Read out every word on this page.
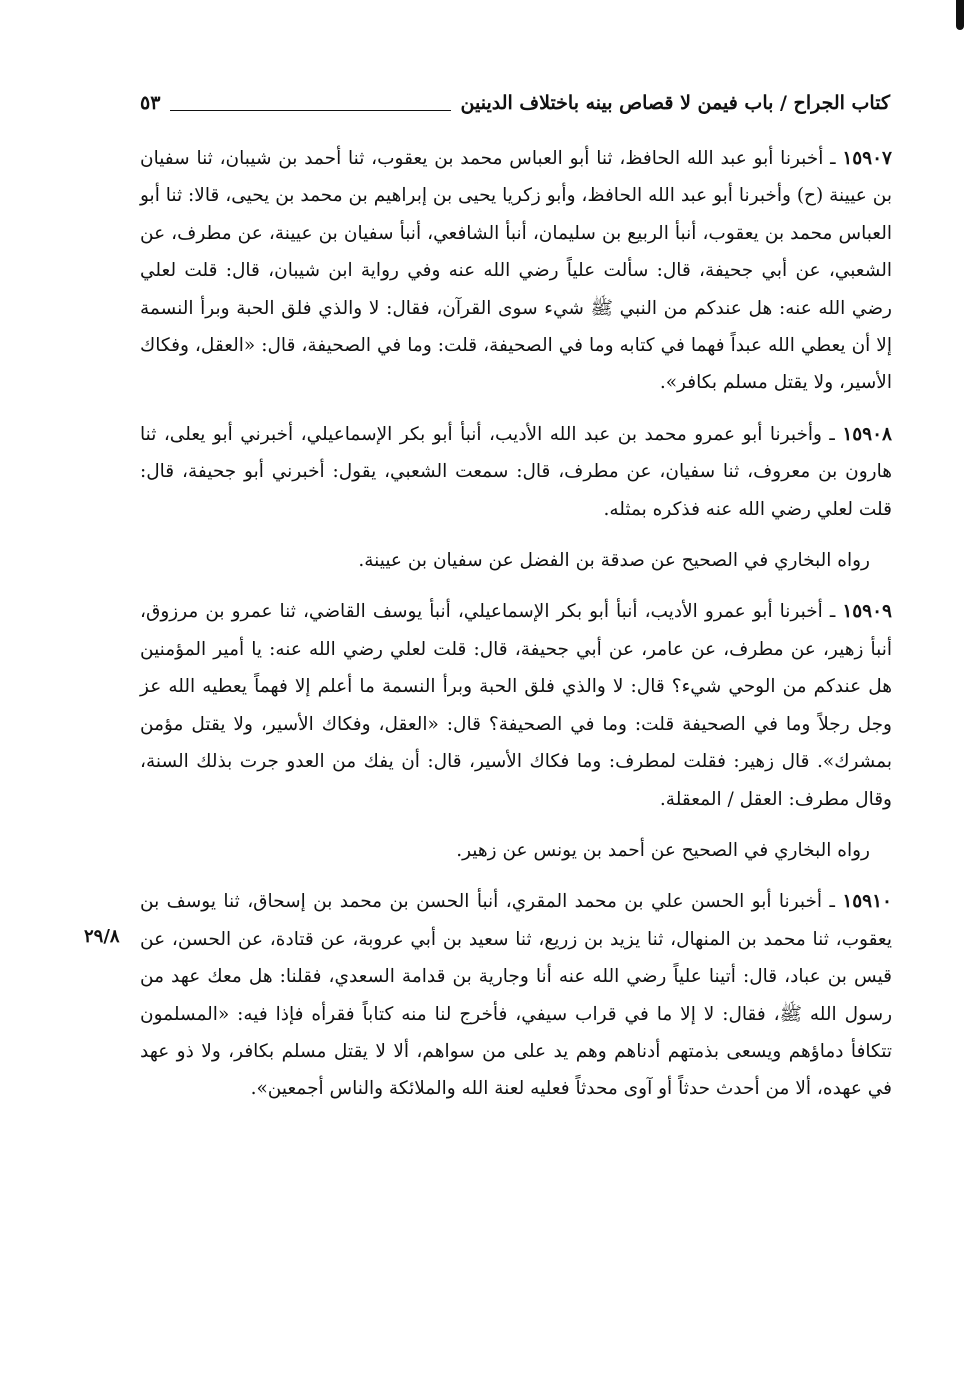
كتاب الجراح / باب فيمن لا قصاص بينه باختلاف الدينين
٥٣
٢٩/٨

١٥٩٠٧ ـ أخبرنا أبو عبد الله الحافظ، ثنا أبو العباس محمد بن يعقوب، ثنا أحمد بن شيبان، ثنا سفيان بن عيينة (ح) وأخبرنا أبو عبد الله الحافظ، وأبو زكريا يحيى بن إبراهيم بن محمد بن يحيى، قالا: ثنا أبو العباس محمد بن يعقوب، أنبأ الربيع بن سليمان، أنبأ الشافعي، أنبأ سفيان بن عيينة، عن مطرف، عن الشعبي، عن أبي جحيفة، قال: سألت علياً رضي الله عنه وفي رواية ابن شيبان، قال: قلت لعلي رضي الله عنه: هل عندكم من النبي ﷺ شيء سوى القرآن، فقال: لا والذي فلق الحبة وبرأ النسمة إلا أن يعطي الله عبداً فهما في كتابه وما في الصحيفة، قلت: وما في الصحيفة، قال: «العقل، وفكاك الأسير، ولا يقتل مسلم بكافر».

١٥٩٠٨ ـ وأخبرنا أبو عمرو محمد بن عبد الله الأديب، أنبأ أبو بكر الإسماعيلي، أخبرني أبو يعلى، ثنا هارون بن معروف، ثنا سفيان، عن مطرف، قال: سمعت الشعبي، يقول: أخبرني أبو جحيفة، قال: قلت لعلي رضي الله عنه فذكره بمثله.

رواه البخاري في الصحيح عن صدقة بن الفضل عن سفيان بن عيينة.

١٥٩٠٩ ـ أخبرنا أبو عمرو الأديب، أنبأ أبو بكر الإسماعيلي، أنبأ يوسف القاضي، ثنا عمرو بن مرزوق، أنبأ زهير، عن مطرف، عن عامر، عن أبي جحيفة، قال: قلت لعلي رضي الله عنه: يا أمير المؤمنين هل عندكم من الوحي شيء؟ قال: لا والذي فلق الحبة وبرأ النسمة ما أعلم إلا فهماً يعطيه الله عز وجل رجلاً وما في الصحيفة قلت: وما في الصحيفة؟ قال: «العقل، وفكاك الأسير، ولا يقتل مؤمن بمشرك». قال زهير: فقلت لمطرف: وما فكاك الأسير، قال: أن يفك من العدو جرت بذلك السنة، وقال مطرف: العقل / المعقلة.

رواه البخاري في الصحيح عن أحمد بن يونس عن زهير.

١٥٩١٠ ـ أخبرنا أبو الحسن علي بن محمد المقري، أنبأ الحسن بن محمد بن إسحاق، ثنا يوسف بن يعقوب، ثنا محمد بن المنهال، ثنا يزيد بن زريع، ثنا سعيد بن أبي عروبة، عن قتادة، عن الحسن، عن قيس بن عباد، قال: أتينا علياً رضي الله عنه أنا وجارية بن قدامة السعدي، فقلنا: هل معك عهد من رسول الله ﷺ، فقال: لا إلا ما في قراب سيفي، فأخرج لنا منه كتاباً فقرأه فإذا فيه: «المسلمون تتكافأ دماؤهم ويسعى بذمتهم أدناهم وهم يد على من سواهم، ألا لا يقتل مسلم بكافر، ولا ذو عهد في عهده، ألا من أحدث حدثاً أو آوى محدثاً فعليه لعنة الله والملائكة والناس أجمعين».
